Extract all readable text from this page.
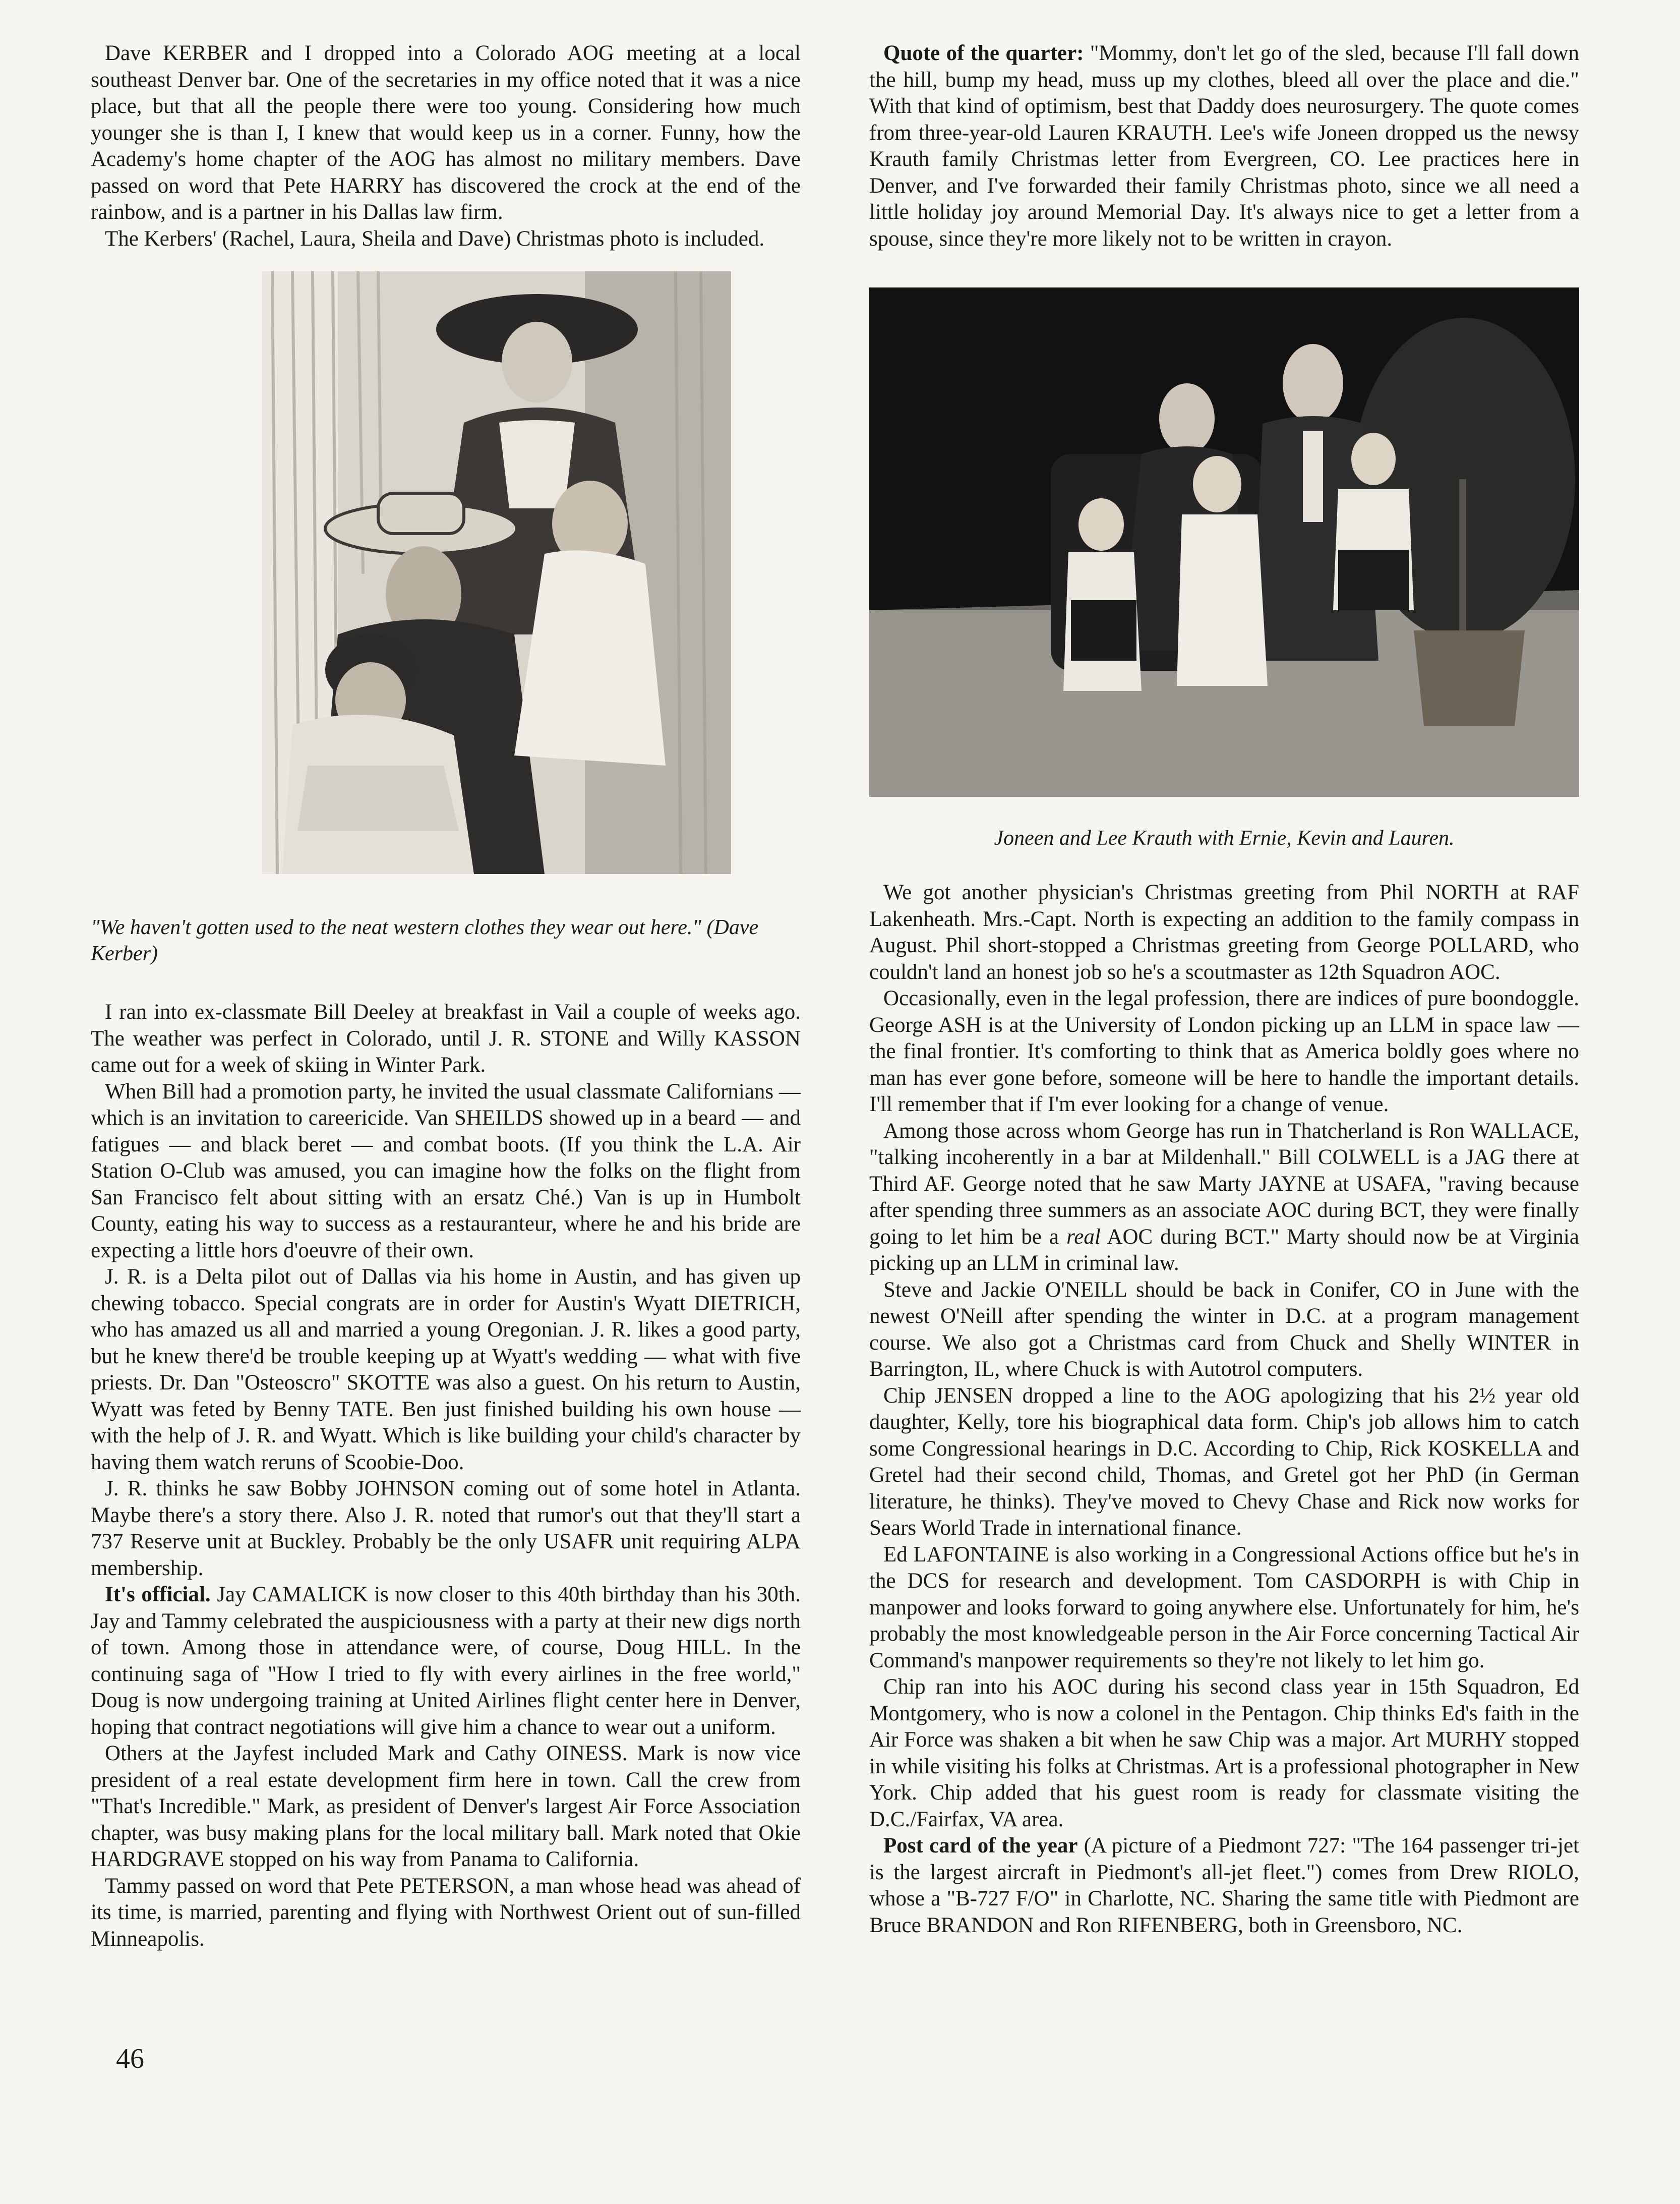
Dave KERBER and I dropped into a Colorado AOG meeting at a local southeast Denver bar. One of the secretaries in my office noted that it was a nice place, but that all the people there were too young. Considering how much younger she is than I, I knew that would keep us in a corner. Funny, how the Academy's home chapter of the AOG has almost no military members. Dave passed on word that Pete HARRY has discovered the crock at the end of the rainbow, and is a partner in his Dallas law firm.

The Kerbers' (Rachel, Laura, Sheila and Dave) Christmas photo is included.

"We haven't gotten used to the neat western clothes they wear out here." (Dave Kerber)

I ran into ex-classmate Bill Deeley at breakfast in Vail a couple of weeks ago. The weather was perfect in Colorado, until J. R. STONE and Willy KASSON came out for a week of skiing in Winter Park.

When Bill had a promotion party, he invited the usual classmate Californians — which is an invitation to careericide. Van SHEILDS showed up in a beard — and fatigues — and black beret — and combat boots. (If you think the L.A. Air Station O-Club was amused, you can imagine how the folks on the flight from San Francisco felt about sitting with an ersatz Ché.) Van is up in Humbolt County, eating his way to success as a restauranteur, where he and his bride are expecting a little hors d'oeuvre of their own.

J. R. is a Delta pilot out of Dallas via his home in Austin, and has given up chewing tobacco. Special congrats are in order for Austin's Wyatt DIETRICH, who has amazed us all and married a young Oregonian. J. R. likes a good party, but he knew there'd be trouble keeping up at Wyatt's wedding — what with five priests. Dr. Dan "Osteoscro" SKOTTE was also a guest. On his return to Austin, Wyatt was feted by Benny TATE. Ben just finished building his own house — with the help of J. R. and Wyatt. Which is like building your child's character by having them watch reruns of Scoobie-Doo.

J. R. thinks he saw Bobby JOHNSON coming out of some hotel in Atlanta. Maybe there's a story there. Also J. R. noted that rumor's out that they'll start a 737 Reserve unit at Buckley. Probably be the only USAFR unit requiring ALPA membership.

It's official. Jay CAMALICK is now closer to this 40th birthday than his 30th. Jay and Tammy celebrated the auspiciousness with a party at their new digs north of town. Among those in attendance were, of course, Doug HILL. In the continuing saga of "How I tried to fly with every airlines in the free world," Doug is now undergoing training at United Airlines flight center here in Denver, hoping that contract negotiations will give him a chance to wear out a uniform.

Others at the Jayfest included Mark and Cathy OINESS. Mark is now vice president of a real estate development firm here in town. Call the crew from "That's Incredible." Mark, as president of Denver's largest Air Force Association chapter, was busy making plans for the local military ball. Mark noted that Okie HARDGRAVE stopped on his way from Panama to California.

Tammy passed on word that Pete PETERSON, a man whose head was ahead of its time, is married, parenting and flying with Northwest Orient out of sun-filled Minneapolis.

Quote of the quarter: "Mommy, don't let go of the sled, because I'll fall down the hill, bump my head, muss up my clothes, bleed all over the place and die." With that kind of optimism, best that Daddy does neurosurgery. The quote comes from three-year-old Lauren KRAUTH. Lee's wife Joneen dropped us the newsy Krauth family Christmas letter from Evergreen, CO. Lee practices here in Denver, and I've forwarded their family Christmas photo, since we all need a little holiday joy around Memorial Day. It's always nice to get a letter from a spouse, since they're more likely not to be written in crayon.

Joneen and Lee Krauth with Ernie, Kevin and Lauren.

We got another physician's Christmas greeting from Phil NORTH at RAF Lakenheath. Mrs.-Capt. North is expecting an addition to the family compass in August. Phil short-stopped a Christmas greeting from George POLLARD, who couldn't land an honest job so he's a scoutmaster as 12th Squadron AOC.

Occasionally, even in the legal profession, there are indices of pure boondoggle. George ASH is at the University of London picking up an LLM in space law — the final frontier. It's comforting to think that as America boldly goes where no man has ever gone before, someone will be here to handle the important details. I'll remember that if I'm ever looking for a change of venue.

Among those across whom George has run in Thatcherland is Ron WALLACE, "talking incoherently in a bar at Mildenhall." Bill COLWELL is a JAG there at Third AF. George noted that he saw Marty JAYNE at USAFA, "raving because after spending three summers as an associate AOC during BCT, they were finally going to let him be a real AOC during BCT." Marty should now be at Virginia picking up an LLM in criminal law.

Steve and Jackie O'NEILL should be back in Conifer, CO in June with the newest O'Neill after spending the winter in D.C. at a program management course. We also got a Christmas card from Chuck and Shelly WINTER in Barrington, IL, where Chuck is with Autotrol computers.

Chip JENSEN dropped a line to the AOG apologizing that his 2½ year old daughter, Kelly, tore his biographical data form. Chip's job allows him to catch some Congressional hearings in D.C. According to Chip, Rick KOSKELLA and Gretel had their second child, Thomas, and Gretel got her PhD (in German literature, he thinks). They've moved to Chevy Chase and Rick now works for Sears World Trade in international finance.

Ed LAFONTAINE is also working in a Congressional Actions office but he's in the DCS for research and development. Tom CASDORPH is with Chip in manpower and looks forward to going anywhere else. Unfortunately for him, he's probably the most knowledgeable person in the Air Force concerning Tactical Air Command's manpower requirements so they're not likely to let him go.

Chip ran into his AOC during his second class year in 15th Squadron, Ed Montgomery, who is now a colonel in the Pentagon. Chip thinks Ed's faith in the Air Force was shaken a bit when he saw Chip was a major. Art MURHY stopped in while visiting his folks at Christmas. Art is a professional photographer in New York. Chip added that his guest room is ready for classmate visiting the D.C./Fairfax, VA area.

Post card of the year (A picture of a Piedmont 727: "The 164 passenger tri-jet is the largest aircraft in Piedmont's all-jet fleet.") comes from Drew RIOLO, whose a "B-727 F/O" in Charlotte, NC. Sharing the same title with Piedmont are Bruce BRANDON and Ron RIFENBERG, both in Greensboro, NC.

46
